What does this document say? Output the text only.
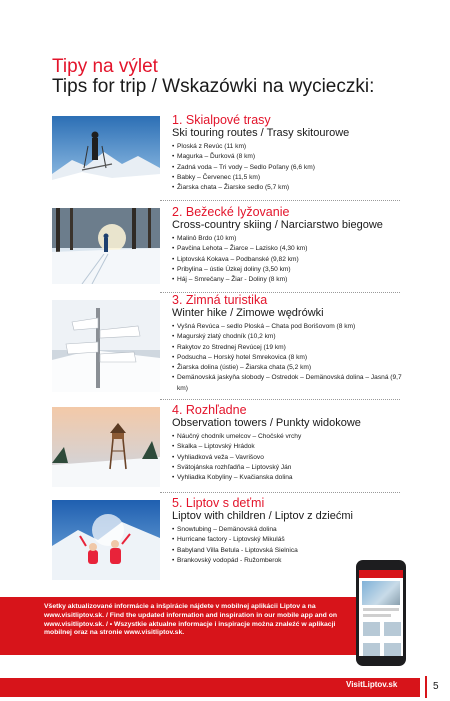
Tipy na výlet
Tips for trip / Wskazówki na wycieczki:
1. Skialpové trasy
Ski touring routes / Trasy skitourowe
• Ploská z Revúc (11 km)
• Magurka – Ďurková (8 km)
• Zadná voda – Tri vody – Sedlo Poľany (6,6 km)
• Babky – Červenec (11,5 km)
• Žiarska chata – Žiarske sedlo (5,7 km)
2. Bežecké lyžovanie
Cross-country skiing / Narciarstwo biegowe
• Malinô Brdo (10 km)
• Pavčina Lehota – Žiarce – Lazisko (4,30 km)
• Liptovská Kokava – Podbanské (9,82 km)
• Pribylina – ústie Úzkej doliny (3,50 km)
• Háj – Smrečany – Žiar - Doliny (8 km)
3. Zimná turistika
Winter hike / Zimowe wędrówki
• Vyšná Revúca – sedlo Ploská – Chata pod Borišovom (8 km)
• Magurský zlatý chodník (10,2 km)
• Rakytov zo Strednej Revúcej (19 km)
• Podsucha – Horský hotel Smrekovica (8 km)
• Žiarska dolina (ústie) – Žiarska chata (5,2 km)
• Demänovská jaskyňa slobody – Ostredok – Demänovská dolina – Jasná (9,7 km)
4. Rozhľadne
Observation towers / Punkty widokowe
• Náučný chodník umelcov – Chočské vrchy
• Skalka – Liptovský Hrádok
• Vyhliadková veža – Vavrišovo
• Svätojánska rozhľadňa – Liptovský Ján
• Vyhliadka Kobyliny – Kvačianska dolina
5. Liptov s deťmi
Liptov with children / Liptov z dziećmi
• Snowtubing – Demänovská dolina
• Hurricane factory - Liptovský Mikuláš
• Babyland Villa Betula - Liptovská Sielnica
• Brankovský vodopád - Ružomberok

Všetky aktualizované informácie a inšpirácie nájdete v mobilnej aplikácii Liptov a na www.visitliptov.sk. / Find the updated information and inspiration in our mobile app and on www.visitliptov.sk. / • Wszystkie aktualne informacje i inspiracje można znaleźć w aplikacji mobilnej oraz na stronie www.visitliptov.sk.

VisitLiptov.sk	5
